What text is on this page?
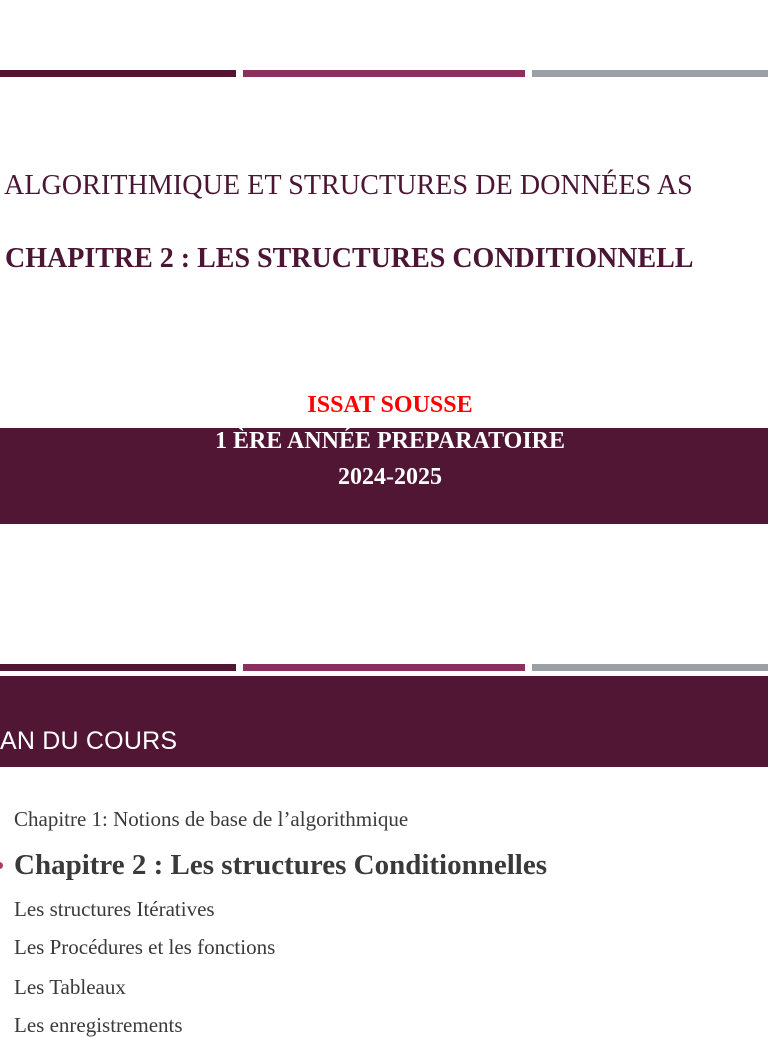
ALGORITHMIQUE ET STRUCTURES DE DONNÉES AS
CHAPITRE 2 : LES STRUCTURES CONDITIONNELL
ISSAT SOUSSE
1 ÈRE ANNÉE PREPARATOIRE
2024-2025
AN DU COURS
Chapitre 1: Notions de base de l’algorithmique
Chapitre 2 : Les structures Conditionnelles
Les structures Itératives
Les Procédures et les fonctions
Les Tableaux
Les enregistrements
